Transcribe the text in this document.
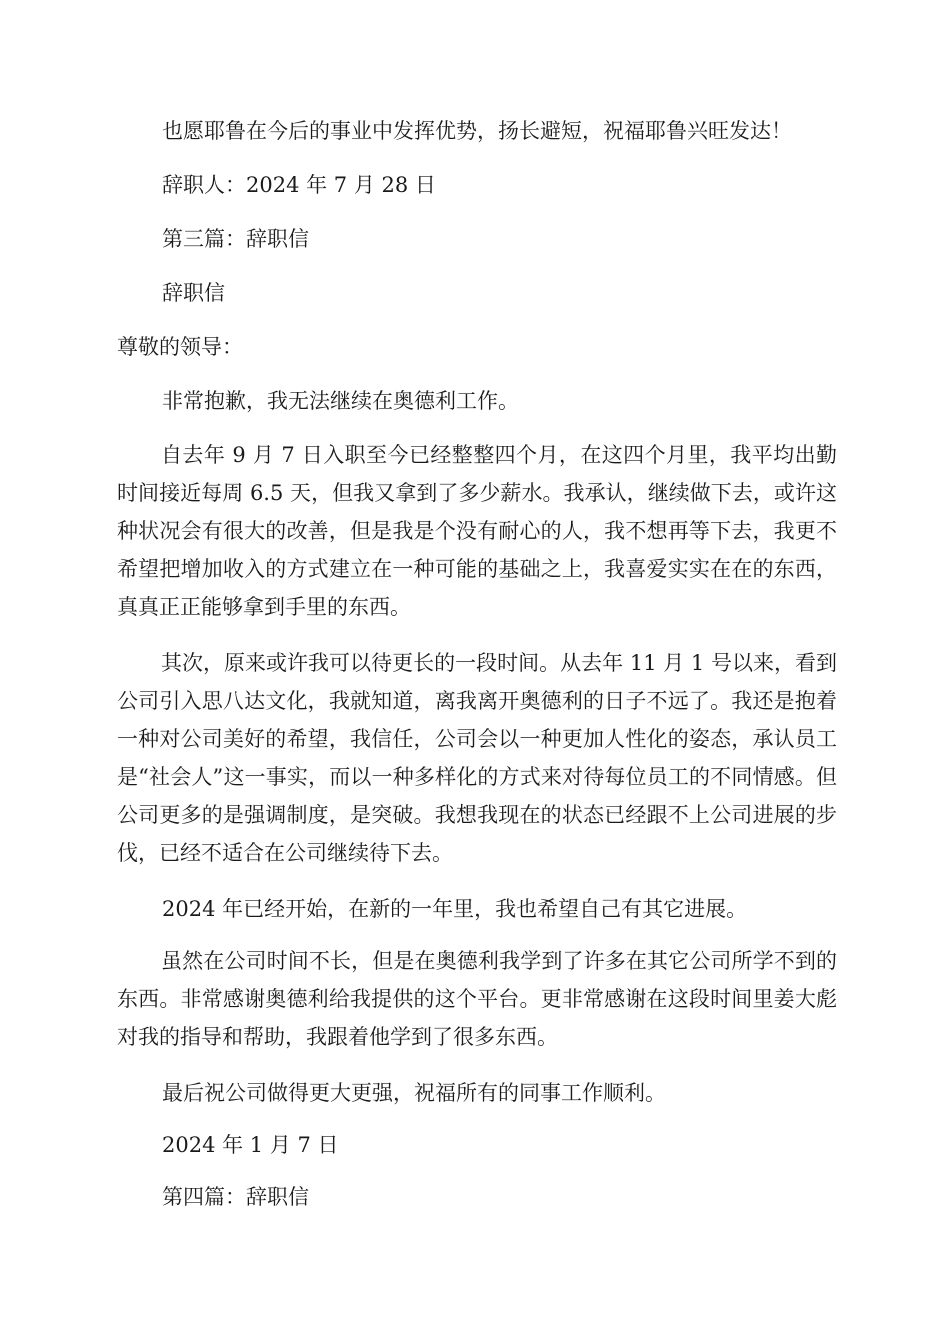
也愿耶鲁在今后的事业中发挥优势，扬长避短，祝福耶鲁兴旺发达！
辞职人：2024 年 7 月 28 日
第三篇：辞职信
辞职信
尊敬的领导：
非常抱歉，我无法继续在奥德利工作。
自去年 9 月 7 日入职至今已经整整四个月，在这四个月里，我平均出勤时间接近每周 6.5 天，但我又拿到了多少薪水。我承认，继续做下去，或许这种状况会有很大的改善，但是我是个没有耐心的人，我不想再等下去，我更不希望把增加收入的方式建立在一种可能的基础之上，我喜爱实实在在的东西，真真正正能够拿到手里的东西。
其次，原来或许我可以待更长的一段时间。从去年 11 月 1 号以来，看到公司引入思八达文化，我就知道，离我离开奥德利的日子不远了。我还是抱着一种对公司美好的希望，我信任，公司会以一种更加人性化的姿态，承认员工是“社会人”这一事实，而以一种多样化的方式来对待每位员工的不同情感。但公司更多的是强调制度，是突破。我想我现在的状态已经跟不上公司进展的步伐，已经不适合在公司继续待下去。
2024 年已经开始，在新的一年里，我也希望自己有其它进展。
虽然在公司时间不长，但是在奥德利我学到了许多在其它公司所学不到的东西。非常感谢奥德利给我提供的这个平台。更非常感谢在这段时间里姜大彪对我的指导和帮助，我跟着他学到了很多东西。
最后祝公司做得更大更强，祝福所有的同事工作顺利。
2024 年 1 月 7 日
第四篇：辞职信
